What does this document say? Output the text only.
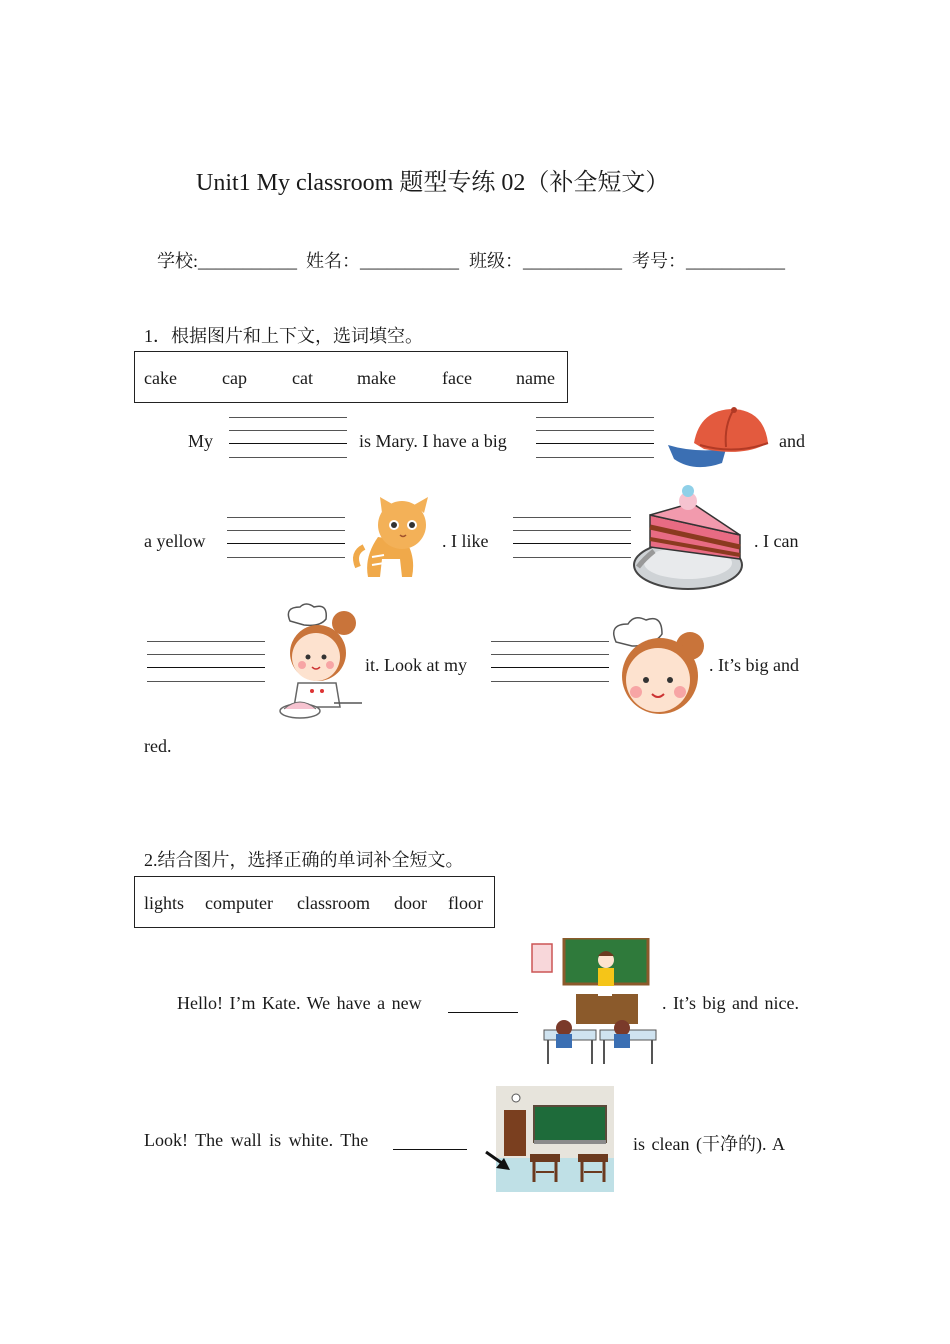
Unit1 My classroom 题型专练 02（补全短文）
学校:___________ 姓名：___________ 班级：___________ 考号：___________
1．根据图片和上下文，选词填空。
cake	cap	cat make	face name
My	is Mary. I have a big	and
a yellow	. I like	. I can
it. Look at my	. It’s big and
red.
2.结合图片，选择正确的单词补全短文。
lights computer classroom door floor
Hello! I’m Kate. We have a new	. It’s big and nice.
Look! The wall is white. The	is clean (干净的). A
